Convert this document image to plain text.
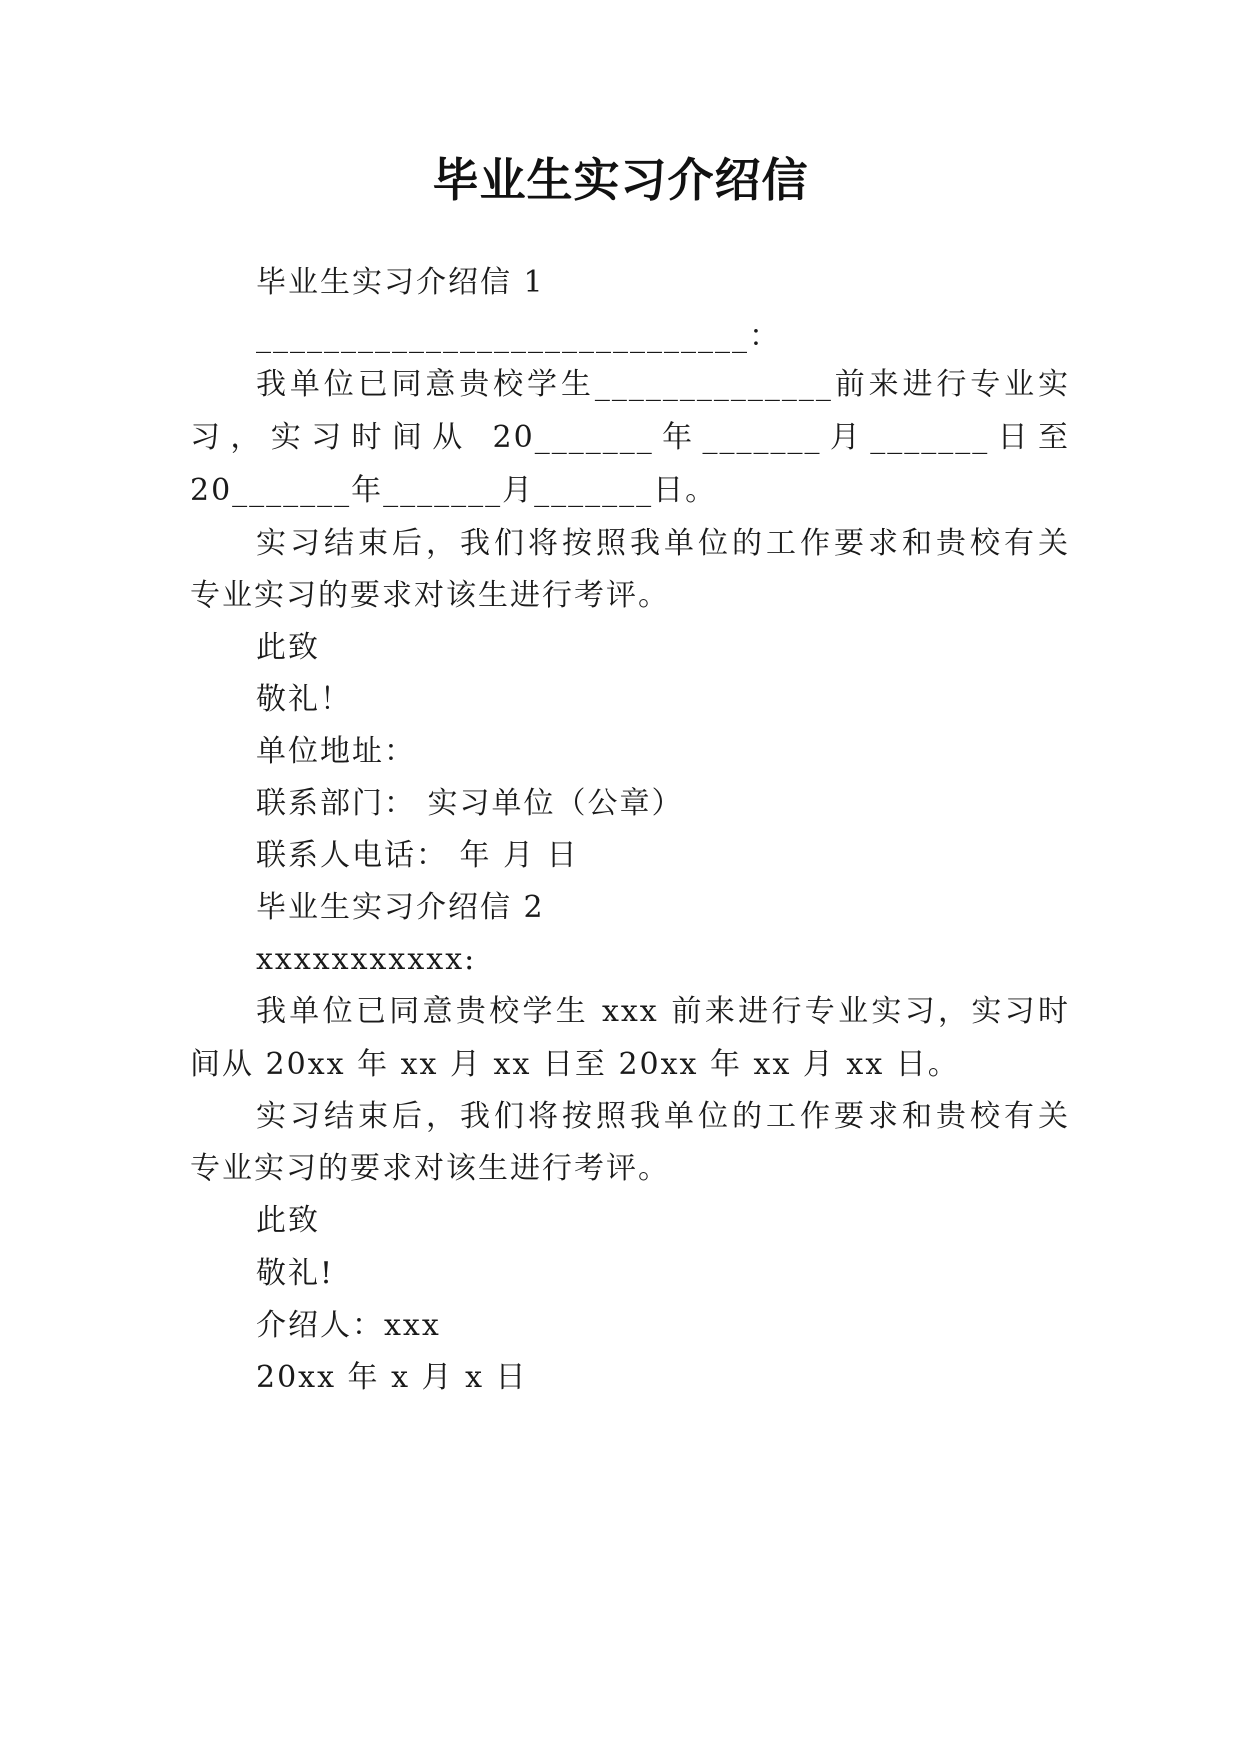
毕业生实习介绍信

毕业生实习介绍信 1

_____________________________：

我单位已同意贵校学生______________前来进行专业实

习，实习时间从 20_______年_______月_______日至

20_______年_______月_______日。

实习结束后，我们将按照我单位的工作要求和贵校有关

专业实习的要求对该生进行考评。

此致

敬礼！

单位地址：

联系部门： 实习单位（公章）

联系人电话： 年 月 日

毕业生实习介绍信 2

xxxxxxxxxxx:

我单位已同意贵校学生 xxx 前来进行专业实习，实习时

间从 20xx 年 xx 月 xx 日至 20xx 年 xx 月 xx 日。

实习结束后，我们将按照我单位的工作要求和贵校有关

专业实习的要求对该生进行考评。

此致

敬礼!

介绍人：xxx

20xx 年 x 月 x 日
